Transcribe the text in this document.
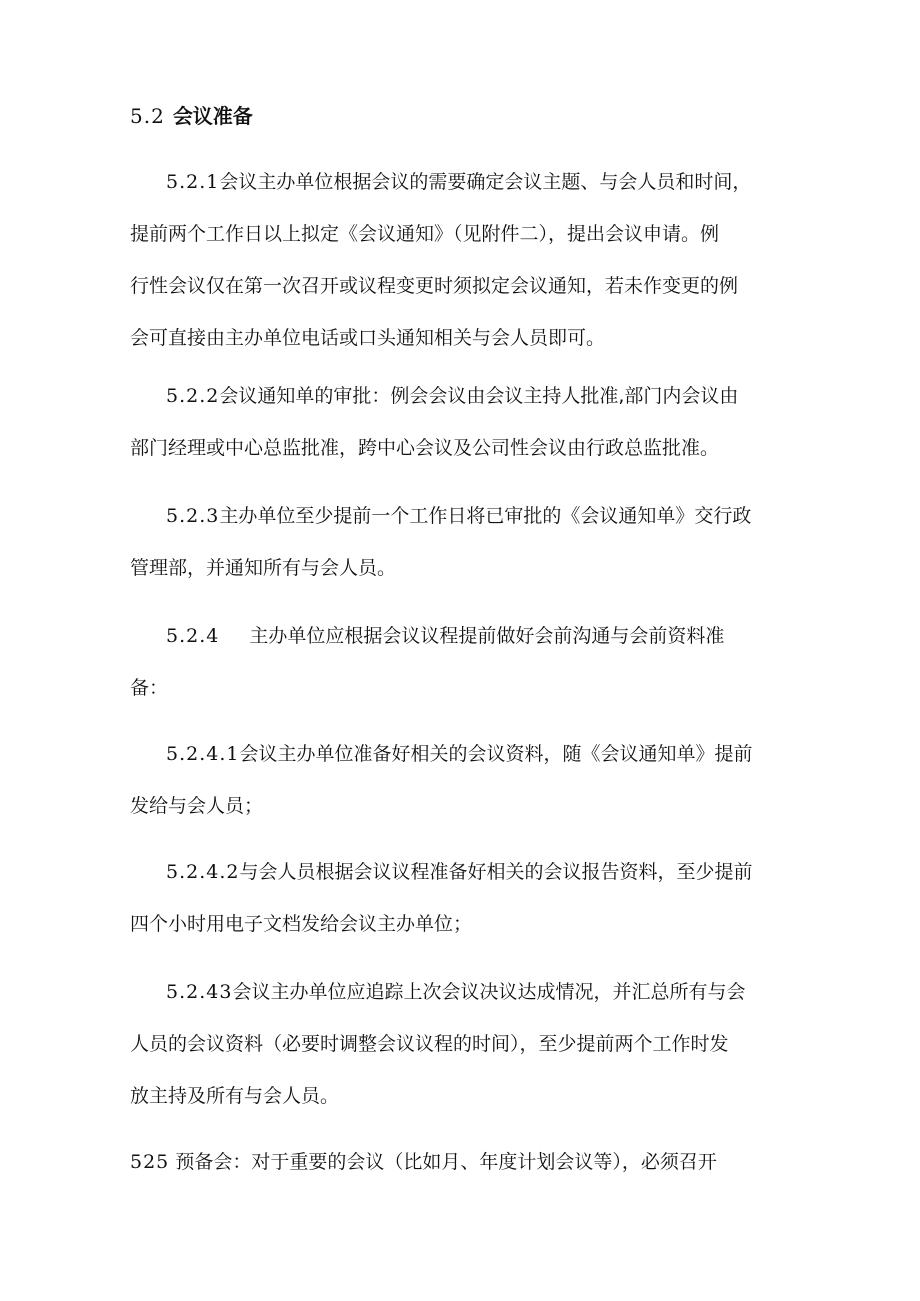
5.2 会议准备
5.2.1会议主办单位根据会议的需要确定会议主题、与会人员和时间，
提前两个工作日以上拟定《会议通知》（见附件二），提出会议申请。例
行性会议仅在第一次召开或议程变更时须拟定会议通知，若未作变更的例
会可直接由主办单位电话或口头通知相关与会人员即可。
5.2.2会议通知单的审批：例会会议由会议主持人批准,部门内会议由
部门经理或中心总监批准，跨中心会议及公司性会议由行政总监批准。
5.2.3主办单位至少提前一个工作日将已审批的《会议通知单》交行政
管理部，并通知所有与会人员。
5.2.4 主办单位应根据会议议程提前做好会前沟通与会前资料准
备：
5.2.4.1会议主办单位准备好相关的会议资料，随《会议通知单》提前
发给与会人员；
5.2.4.2与会人员根据会议议程准备好相关的会议报告资料，至少提前
四个小时用电子文档发给会议主办单位；
5.2.43会议主办单位应追踪上次会议决议达成情况，并汇总所有与会
人员的会议资料（必要时调整会议议程的时间），至少提前两个工作时发
放主持及所有与会人员。
525 预备会：对于重要的会议（比如月、年度计划会议等），必须召开
